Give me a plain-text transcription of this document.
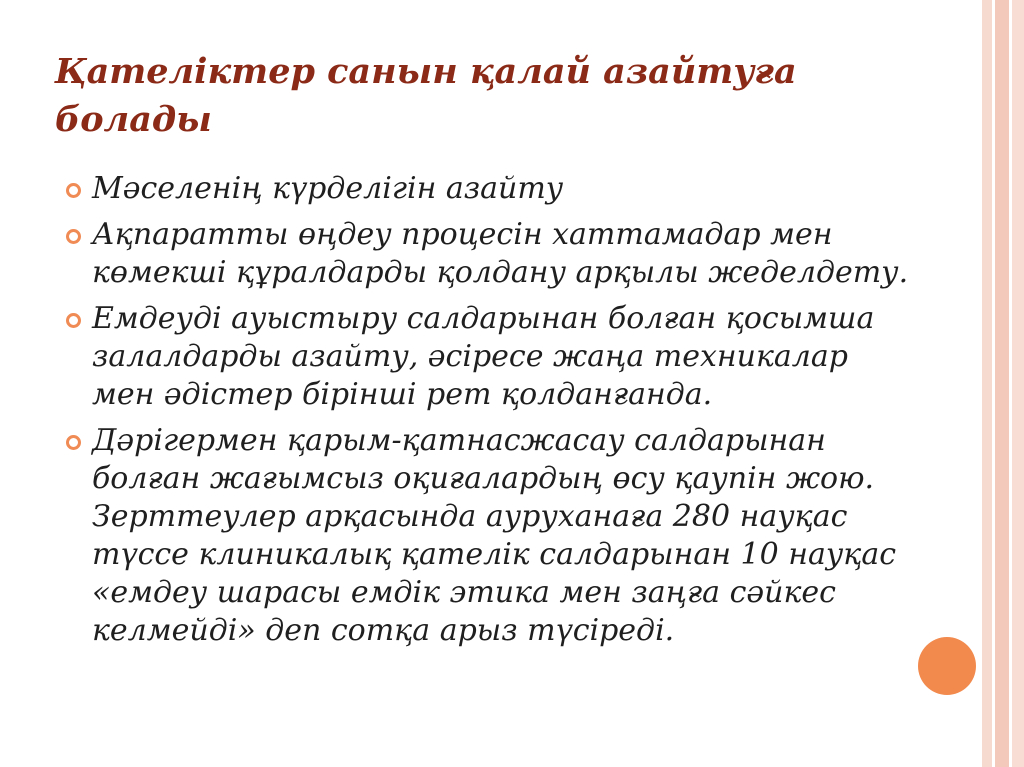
Қателіктер санын қалай азайтуға болады
Мәселенің күрделігін азайту
Ақпаратты өңдеу процесін хаттамадар мен көмекші құралдарды қолдану арқылы жеделдету.
Емдеуді ауыстыру салдарынан болған қосымша залалдарды азайту, әсіресе жаңа техникалар мен әдістер бірінші рет қолданғанда.
Дәрігермен қарым-қатнасжасау салдарынан болған жағымсыз оқиғалардың өсу қаупін жою. Зерттеулер арқасында ауруханаға 280 науқас түссе клиникалық қателік салдарынан 10 науқас «емдеу шарасы емдік этика мен заңға сәйкес келмейді» деп сотқа арыз түсіреді.
